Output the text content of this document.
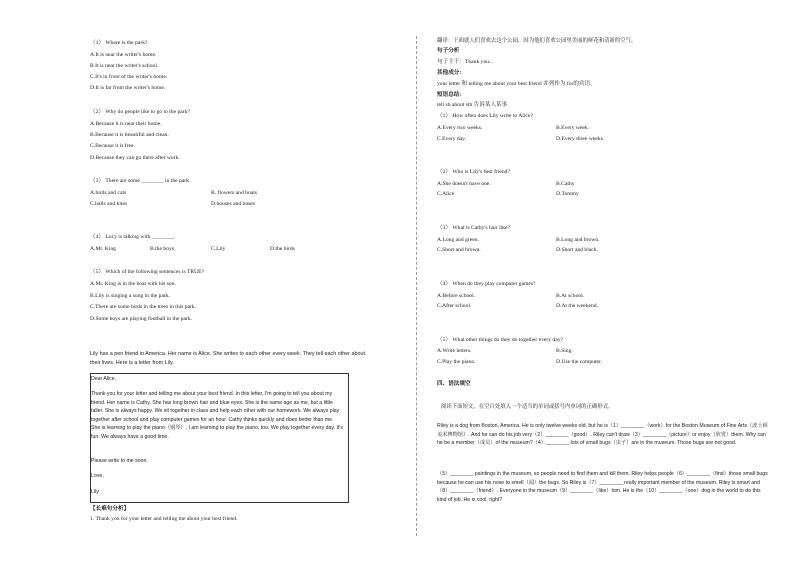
（1） Where is the park?
A.It is near the writer's home.
B.It is near the writer's school.
C.It's in front of the writer's home.
D.It is far from the writer's home.
（2） Why do people like to go to the park?
A.Because it is near their home.
B.Because it is beautiful and clean.
C.Because it is free.
D.Because they can go there after work.
（3） There are some ________ in the park.
A.birds and cats	B. flowers and boats
C.balls and kites	D.houses and buses
（4） Lucy is talking with ________.
A.Mr. King	B.the boys	C.Lily	D.the birds
（5） Which of the following sentences is TRUE?
A.Mr. King is in the boat with his son.
B.Lily is singing a song in the park.
C.There are some birds in the trees in this park.
D.Some boys are playing football in the park.
Lily has a pen friend in America. Her name is Alice. She writes to each other every week. They tell each other about
their lives. Here is a letter from Lily.
Dear Alice,
Thank you for your letter and telling me about your best friend. In this letter, I'm going to tell you about my friend. Her name is Cathy. She has long brown hair and blue eyes. She is the same age as me, but a little taller. She is always happy. We sit together in class and help each other with our homework. We always play together after school and play computer games for an hour. Cathy thinks quickly and does better than me. She is learning to play the piano（钢琴）. I am learning to play the piano, too. We play together every day. It's fun. We always have a good time.
Please write to me soon.
Love,
Lily
【长难句分析】
1. Thank you for your letter and telling me about your best friend.
翻译：下面就人们喜欢去这个公园，因为他们喜欢公园里美丽的鲜花和清新的空气。
句子分析
句子主干：Thank you...
其他成分：
your letter 和 telling me about your best friend 并列作为 for的宾语。
短语总结：
tell sb about sth 告诉某人某事
（1） How often does Lily write to Alice?
A.Every two weeks.	B.Every week.
C.Every day.	D.Every three weeks.
（2） Who is Lily's best friend?
A.She doesn't have one.	B.Cathy
C.Alice	D.Tommy
（3） What is Cathy's hair like?
A.Long and green.	B.Long and brown.
C.Short and brown.	D.Short and black.
（4） When do they play computer games?
A.Before school.	B.At school.
C.After school.	D.At the weekend.
（5） What other things do they do together every day?
A.Write letters.	B.Sing.
C.Play the piano.	D.Use the computer.
四、语法填空
阅读下面短文，在空白处填入一个适当的单词或括号内单词的正确形式。
Riley is a dog from Boston, America. He is only twelve weeks old, but he is（1）________（work）for the Boston Museum of Fine Arts（波士顿美术博物馆）. And he can do his job very（2）________（good）. Riley can't draw（3）________（picture）or enjoy（欣赏）them. Why can he be a member（成员）of the museum?（4）________ lots of small bugs（虫子）are in the museum. Those bugs are not good.
（5）________ paintings in the museum, so people need to find them and kill them. Riley helps people（6）________（find）those small bugs because he can use his nose to smell（闻）the bugs. So Riley is（7）________ really important member of the museum. Riley is smart and（8）________（friend）. Everyone in the museum（9）________（like）him. He is the（10）________（one）dog in the world to do this kind of job. He is cool, right?
